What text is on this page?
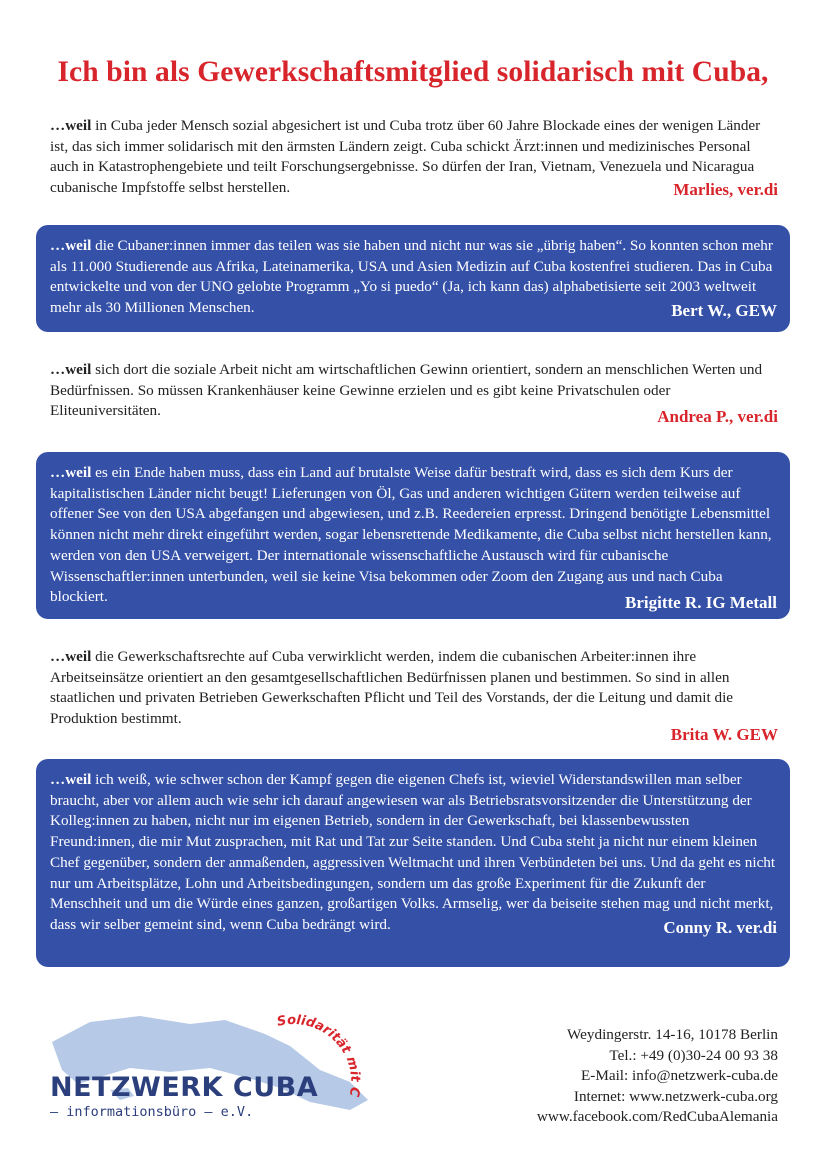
Ich bin als Gewerkschaftsmitglied solidarisch mit Cuba,

…weil in Cuba jeder Mensch sozial abgesichert ist und Cuba trotz über 60 Jahre Blockade eines der wenigen Länder ist, das sich immer solidarisch mit den ärmsten Ländern zeigt. Cuba schickt Ärzt:innen und medizinisches Personal auch in Katastrophengebiete und teilt Forschungsergebnisse. So dürfen der Iran, Vietnam, Venezuela und Nicaragua cubanische Impfstoffe selbst herstellen.	Marlies, ver.di

…weil die Cubaner:innen immer das teilen was sie haben und nicht nur was sie „übrig haben“. So konnten schon mehr als 11.000 Studierende aus Afrika, Lateinamerika, USA und Asien Medizin auf Cuba kostenfrei studieren. Das in Cuba entwickelte und von der UNO gelobte Programm „Yo si puedo“ (Ja, ich kann das) alphabetisierte seit 2003 weltweit mehr als 30 Millionen Menschen.	Bert W., GEW

…weil sich dort die soziale Arbeit nicht am wirtschaftlichen Gewinn orientiert, sondern an menschlichen Werten und Bedürfnissen. So müssen Krankenhäuser keine Gewinne erzielen und es gibt keine Privatschulen oder Eliteuniversitäten.	Andrea P., ver.di

…weil es ein Ende haben muss, dass ein Land auf brutalste Weise dafür bestraft wird, dass es sich dem Kurs der kapitalistischen Länder nicht beugt! Lieferungen von Öl, Gas und anderen wichtigen Gütern werden teilweise auf offener See von den USA abgefangen und abgewiesen, und z.B. Reedereien erpresst. Dringend benötigte Lebensmittel können nicht mehr direkt eingeführt werden, sogar lebensrettende Medikamente, die Cuba selbst nicht herstellen kann, werden von den USA verweigert. Der internationale wissenschaftliche Austausch wird für cubanische Wissenschaftler:innen unterbunden, weil sie keine Visa bekommen oder Zoom den Zugang aus und nach Cuba blockiert.	Brigitte R. IG Metall

…weil die Gewerkschaftsrechte auf Cuba verwirklicht werden, indem die cubanischen Arbeiter:innen ihre Arbeitseinsätze orientiert an den gesamtgesellschaftlichen Bedürfnissen planen und bestimmen. So sind in allen staatlichen und privaten Betrieben Gewerkschaften Pflicht und Teil des Vorstands, der die Leitung und damit die Produktion bestimmt.

Brita W. GEW

…weil ich weiß, wie schwer schon der Kampf gegen die eigenen Chefs ist, wieviel Widerstandswillen man selber braucht, aber vor allem auch wie sehr ich darauf angewiesen war als Betriebsratsvorsitzender die Unterstützung der Kolleg:innen zu haben, nicht nur im eigenen Betrieb, sondern in der Gewerkschaft, bei klassenbewussten Freund:innen, die mir Mut zusprachen, mit Rat und Tat zur Seite standen. Und Cuba steht ja nicht nur einem kleinen Chef gegenüber, sondern der anmaßenden, aggressiven Weltmacht und ihren Verbündeten bei uns. Und da geht es nicht nur um Arbeitsplätze, Lohn und Arbeitsbedingungen, sondern um das große Experiment für die Zukunft der Menschheit und um die Würde eines ganzen, großartigen Volks. Armselig, wer da beiseite stehen mag und nicht merkt, dass wir selber gemeint sind, wenn Cuba bedrängt wird.	Conny R. ver.di
Solidarität mit C
NETZWERK CUBA
– informationsbüro – e.V.
Weydingerstr. 14-16, 10178 Berlin
Tel.: +49 (0)30-24 00 93 38
E-Mail: info@netzwerk-cuba.de
Internet: www.netzwerk-cuba.org
www.facebook.com/RedCubaAlemania
